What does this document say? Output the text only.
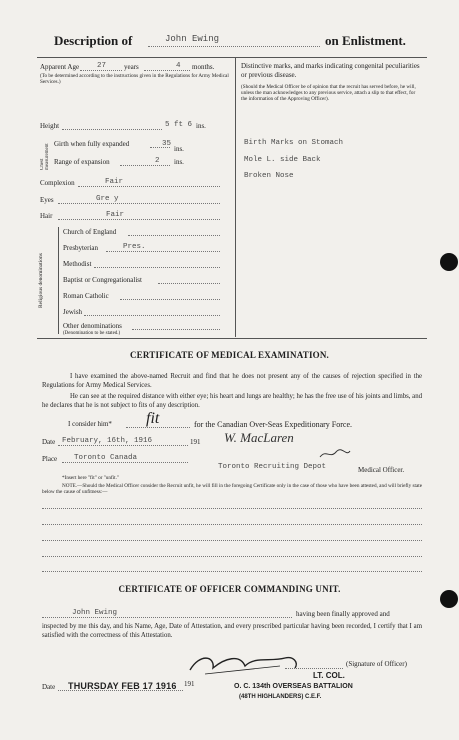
Description of	John Ewing	on Enlistment.
Apparent Age 27	years	4 months.
(To be determined according to the instructions given in the Regulations for Army Medical Services.)
Height	5 ft 6 ins.
Chest measurement Girth when fully expanded	35
ins.
Range of expansion	2 ins.
Complexion	Fair
Eyes	Gre y
Hair	Fair
Religious denominations
Church of England
Presbyterian	Pres.
Methodist
Baptist or Congregationalist
Roman Catholic
Jewish
Other denominations
(Denomination to be stated.)
Distinctive marks, and marks indicating congenital peculiarities or previous disease.
(Should the Medical Officer be of opinion that the recruit has served before, he will, unless the man acknowledges to any previous service, attach a slip to that effect, for the information of the Approving Officer).
Birth Marks on Stomach
Mole L. side Back
Broken Nose
CERTIFICATE OF MEDICAL EXAMINATION.
I have examined the above-named Recruit and find that he does not present any of the causes of rejection specified in the Regulations for Army Medical Services.
He can see at the required distance with either eye; his heart and lungs are healthy; he has the free use of his joints and limbs, and he declares that he is not subject to fits of any description.
I consider him* fit	for the Canadian Over-Seas Expeditionary Force.
Date February, 16th, 1916	191 W. MacLaren
Place Toronto Canada
Toronto Recruiting Depot	Medical Officer.
*Insert here "fit" or "unfit."
NOTE.—Should the Medical Officer consider the Recruit unfit, he will fill in the foregoing Certificate only in the case of those who have been attested, and will briefly state below the cause of unfitness:—
CERTIFICATE OF OFFICER COMMANDING UNIT.
John Ewing	having been finally approved and
inspected by me this day, and his Name, Age, Date of Attestation, and every prescribed particular having been recorded, I certify that I am satisfied with the correctness of this Attestation.
(Signature of Officer)
LT. COL.
O. C. 134th OVERSEAS BATTALION
(48TH HIGHLANDERS) C.E.F.
Date THURSDAY FEB 17 1916 191
